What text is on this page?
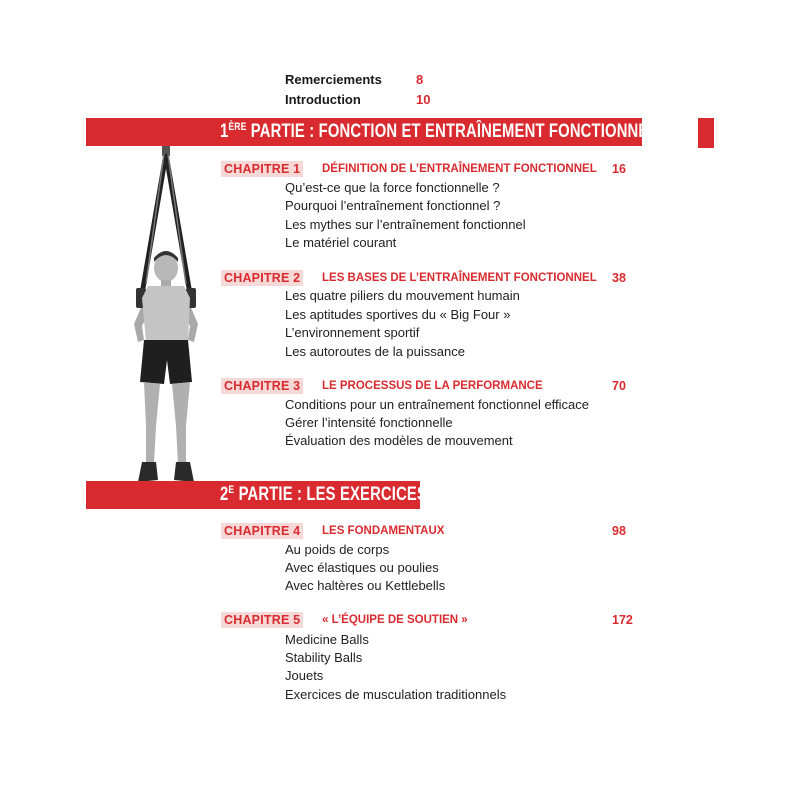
Remerciements	8
Introduction	10
1ÈRE PARTIE : FONCTION ET ENTRAÎNEMENT FONCTIONNEL
CHAPITRE 1 DÉFINITION DE L’ENTRAÎNEMENT FONCTIONNEL 16
Qu’est-ce que la force fonctionnelle ?
Pourquoi l’entraînement fonctionnel ?
Les mythes sur l’entraînement fonctionnel
Le matériel courant
CHAPITRE 2 LES BASES DE L’ENTRAÎNEMENT FONCTIONNEL 38
Les quatre piliers du mouvement humain
Les aptitudes sportives du « Big Four »
L’environnement sportif
Les autoroutes de la puissance
CHAPITRE 3 LE PROCESSUS DE LA PERFORMANCE	70
Conditions pour un entraînement fonctionnel efficace
Gérer l’intensité fonctionnelle
Évaluation des modèles de mouvement
$2^E$ PARTIE : LES EXERCICES
CHAPITRE 4 LES FONDAMENTAUX	98
Au poids de corps
Avec élastiques ou poulies
Avec haltères ou Kettlebells
CHAPITRE 5 « L’ÉQUIPE DE SOUTIEN »	172
Medicine Balls
Stability Balls
Jouets
Exercices de musculation traditionnels
